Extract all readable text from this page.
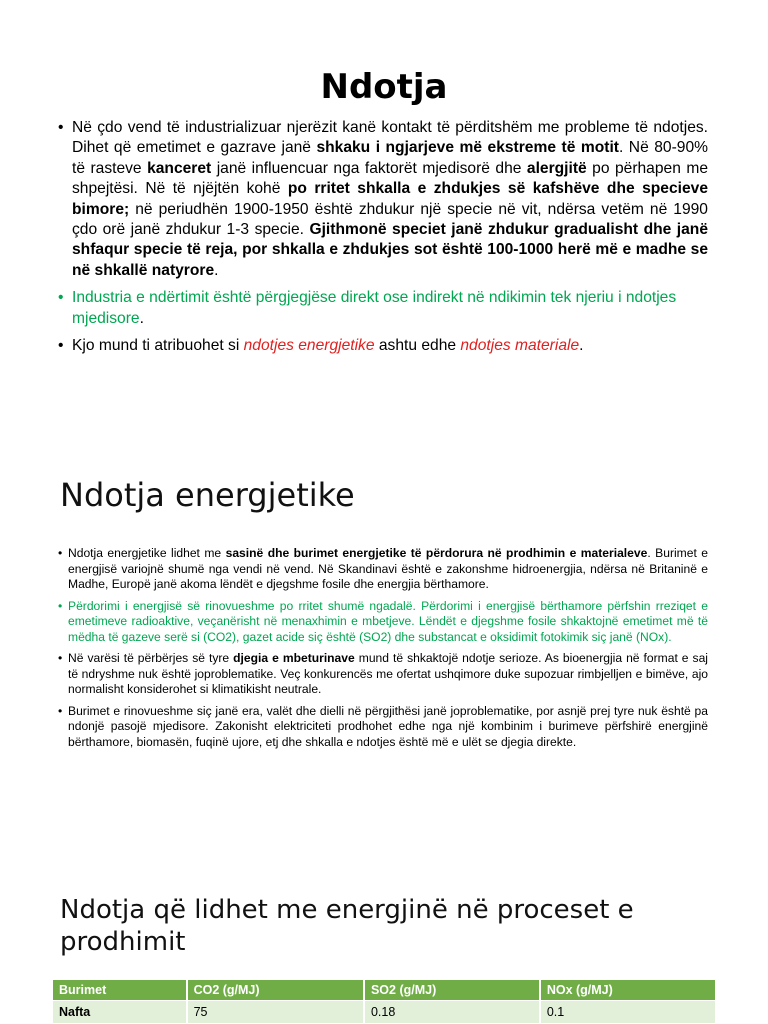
Ndotja
• Në çdo vend të industrializuar njerëzit kanë kontakt të përditshëm me probleme të ndotjes. Dihet që emetimet e gazrave janë shkaku i ngjarjeve më ekstreme të motit. Në 80-90% të rasteve kanceret janë influencuar nga faktorët mjedisorë dhe alergjitë po përhapen me shpejtësi. Në të njëjtën kohë po rritet shkalla e zhdukjes së kafshëve dhe specieve bimore; në periudhën 1900-1950 është zhdukur një specie në vit, ndërsa vetëm në 1990 çdo orë janë zhdukur 1-3 specie. Gjithmonë speciet janë zhdukur gradualisht dhe janë shfaqur specie të reja, por shkalla e zhdukjes sot është 100-1000 herë më e madhe se në shkallë natyrore.
• Industria e ndërtimit është përgjegjëse direkt ose indirekt në ndikimin tek njeriu i ndotjes mjedisore.
• Kjo mund ti atribuohet si ndotjes energjetike ashtu edhe ndotjes materiale.
Ndotja energjetike
• Ndotja energjetike lidhet me sasinë dhe burimet energjetike të përdorura në prodhimin e materialeve. Burimet e energjisë variojnë shumë nga vendi në vend. Në Skandinavi është e zakonshme hidroenergjia, ndërsa në Britaninë e Madhe, Europë janë akoma lëndët e djegshme fosile dhe energjia bërthamore.
• Përdorimi i energjisë së rinovueshme po rritet shumë ngadalë. Përdorimi i energjisë bërthamore përfshin rreziqet e emetimeve radioaktive, veçanërisht në menaxhimin e mbetjeve. Lëndët e djegshme fosile shkaktojnë emetimet më të mëdha të gazeve serë si (CO2), gazet acide siç është (SO2) dhe substancat e oksidimit fotokimik siç janë (NOx).
• Në varësi të përbërjes së tyre djegia e mbeturinave mund të shkaktojë ndotje serioze. As bioenergjia në format e saj të ndryshme nuk është joproblematike. Veç konkurencës me ofertat ushqimore duke supozuar rimbjelljen e bimëve, ajo normalisht konsiderohet si klimatikisht neutrale.
• Burimet e rinovueshme siç janë era, valët dhe dielli në përgjithësi janë joproblematike, por asnjë prej tyre nuk është pa ndonjë pasojë mjedisore. Zakonisht elektriciteti prodhohet edhe nga një kombinim i burimeve përfshirë energjinë bërthamore, biomasën, fuqinë ujore, etj dhe shkalla e ndotjes është më e ulët se djegia direkte.
Ndotja që lidhet me energjinë në proceset e prodhimit
Burimet	CO2 (g/MJ)	SO2 (g/MJ)	NOx (g/MJ)
Nafta	75	0.18	0.1
